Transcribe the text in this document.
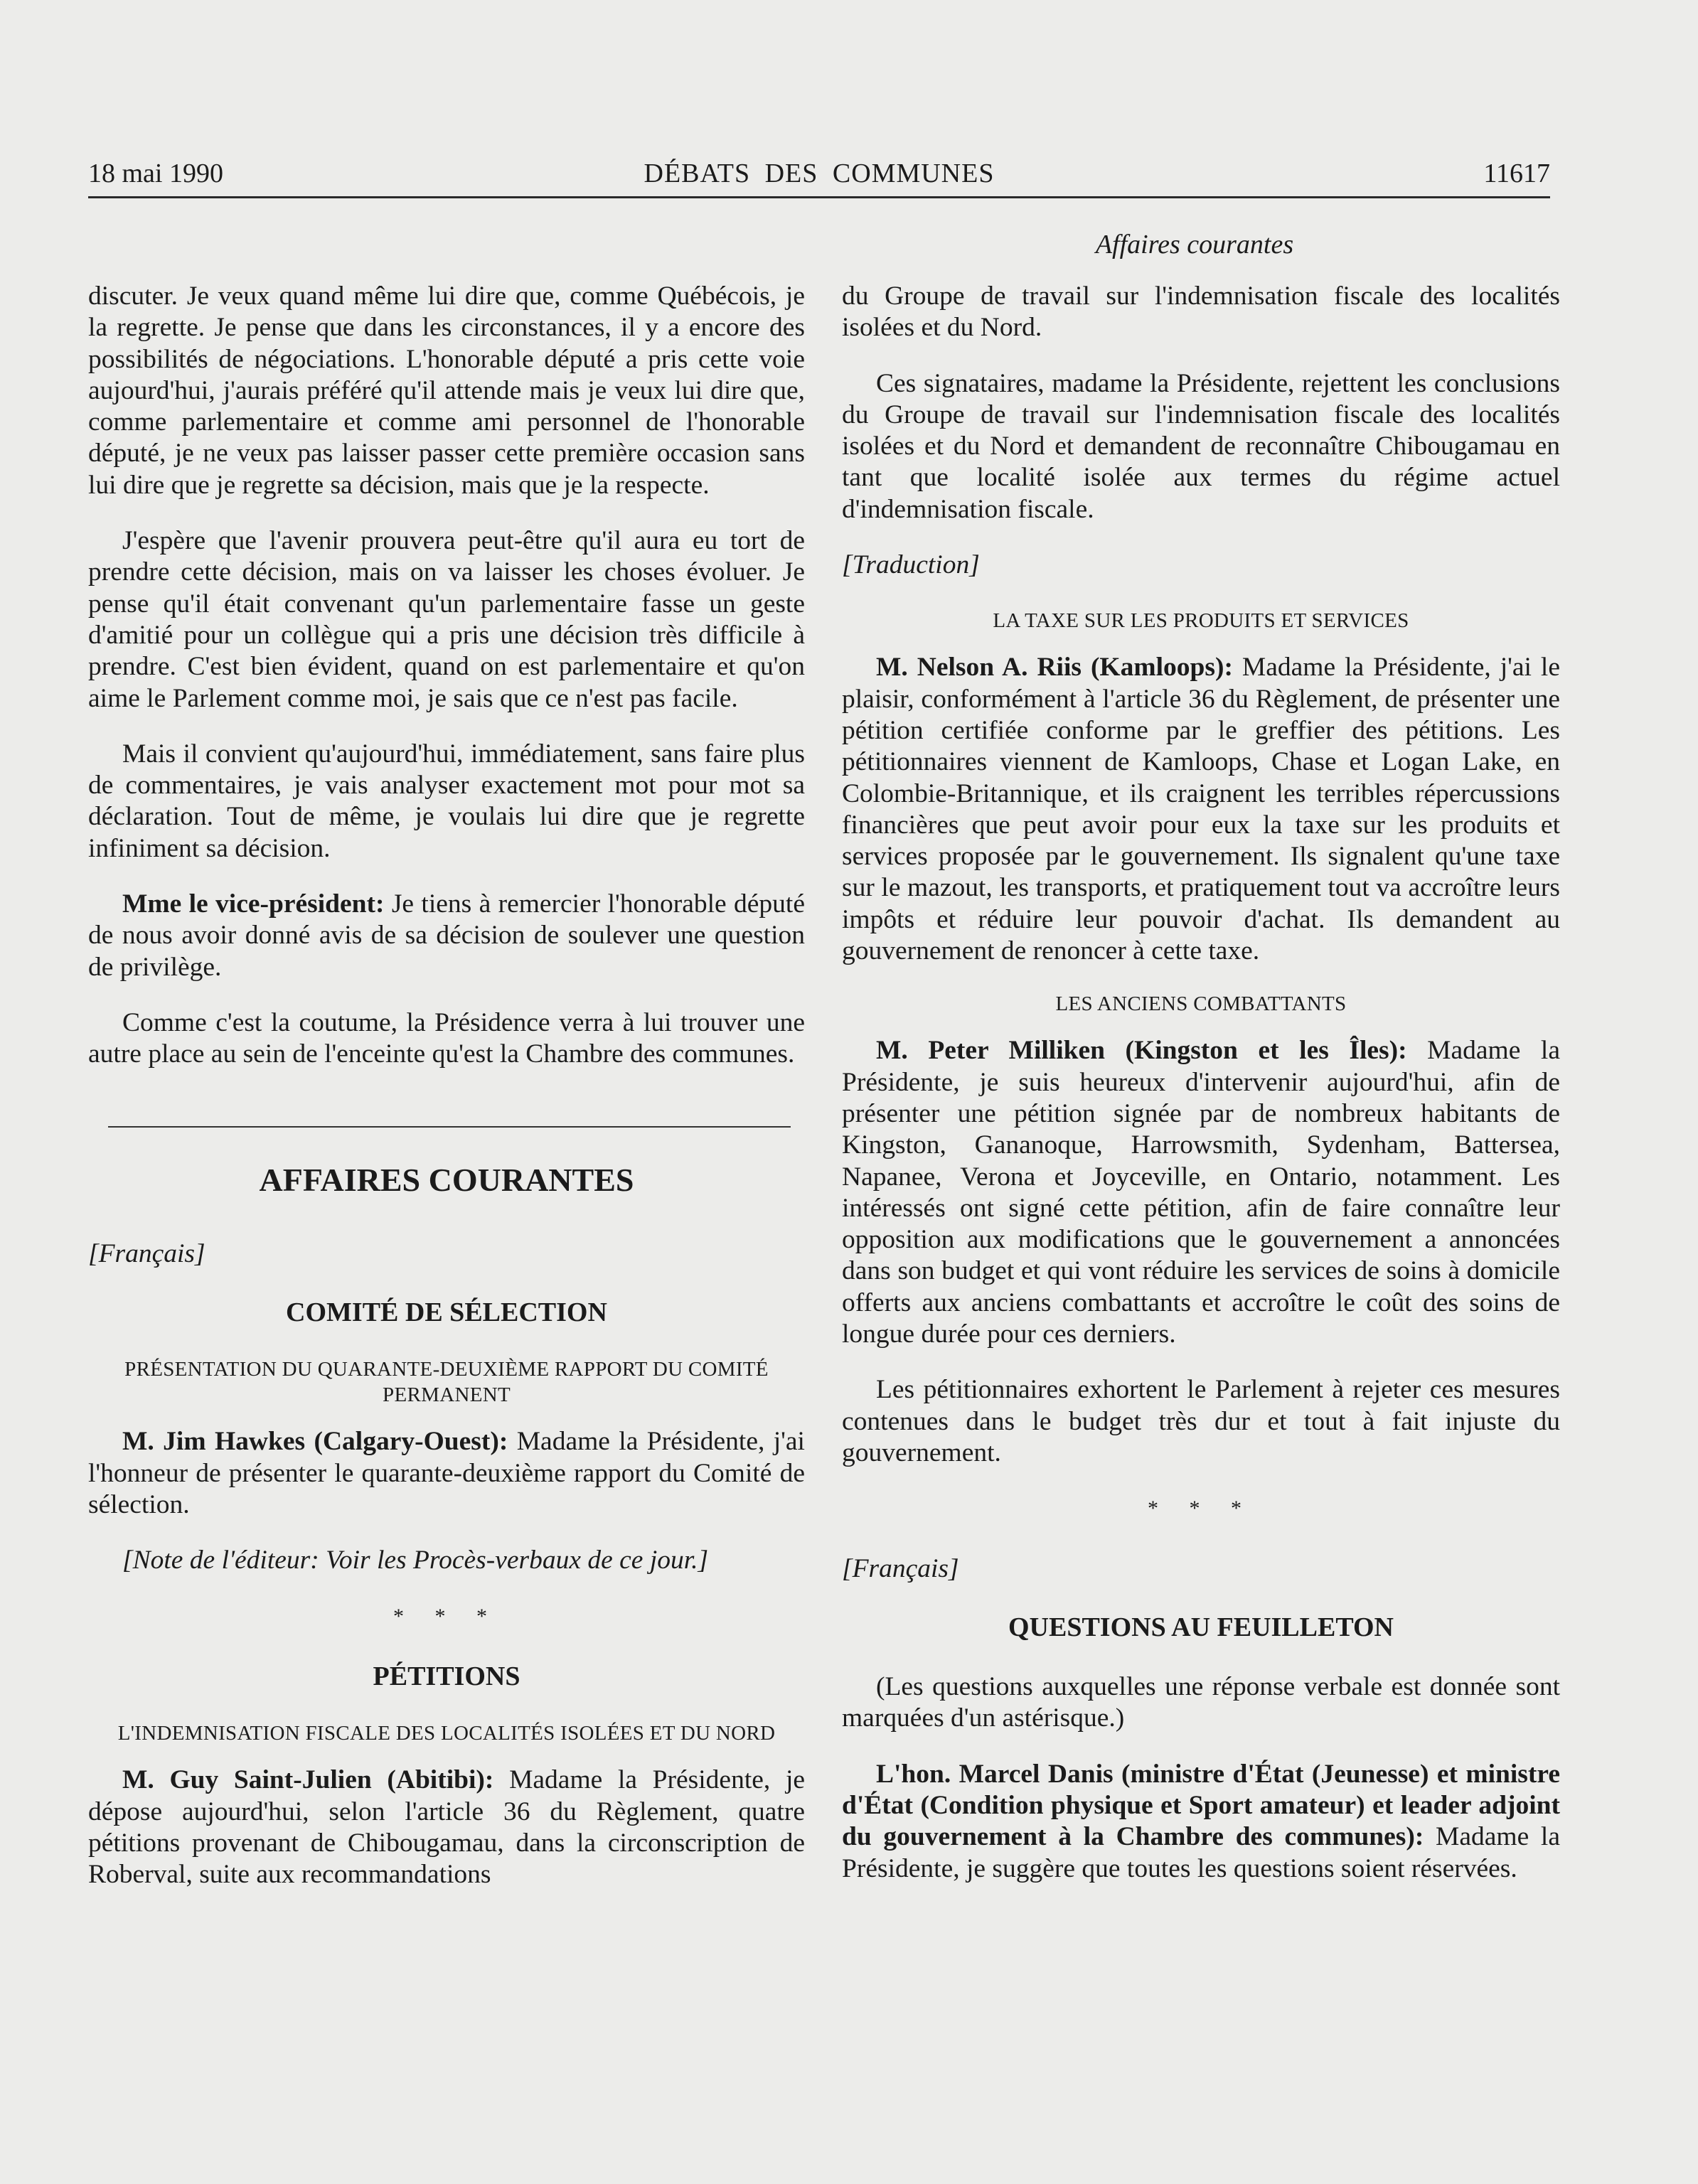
18 mai 1990	DÉBATS DES COMMUNES	11617
Affaires courantes

discuter. Je veux quand même lui dire que, comme Québécois, je la regrette. Je pense que dans les circonstances, il y a encore des possibilités de négociations. L'honorable député a pris cette voie aujourd'hui, j'aurais préféré qu'il attende mais je veux lui dire que, comme parlementaire et comme ami personnel de l'honorable député, je ne veux pas laisser passer cette première occasion sans lui dire que je regrette sa décision, mais que je la respecte.

J'espère que l'avenir prouvera peut-être qu'il aura eu tort de prendre cette décision, mais on va laisser les choses évoluer. Je pense qu'il était convenant qu'un parlementaire fasse un geste d'amitié pour un collègue qui a pris une décision très difficile à prendre. C'est bien évident, quand on est parlementaire et qu'on aime le Parlement comme moi, je sais que ce n'est pas facile.

Mais il convient qu'aujourd'hui, immédiatement, sans faire plus de commentaires, je vais analyser exactement mot pour mot sa déclaration. Tout de même, je voulais lui dire que je regrette infiniment sa décision.

Mme le vice-président: Je tiens à remercier l'honorable député de nous avoir donné avis de sa décision de soulever une question de privilège.

Comme c'est la coutume, la Présidence verra à lui trouver une autre place au sein de l'enceinte qu'est la Chambre des communes.

AFFAIRES COURANTES

[Français]

COMITÉ DE SÉLECTION
PRÉSENTATION DU QUARANTE-DEUXIÈME RAPPORT DU COMITÉ PERMANENT

M. Jim Hawkes (Calgary-Ouest): Madame la Présidente, j'ai l'honneur de présenter le quarante-deuxième rapport du Comité de sélection.

[Note de l'éditeur: Voir les Procès-verbaux de ce jour.]

* * *
PÉTITIONS
L'INDEMNISATION FISCALE DES LOCALITÉS ISOLÉES ET DU NORD

M. Guy Saint-Julien (Abitibi): Madame la Présidente, je dépose aujourd'hui, selon l'article 36 du Règlement, quatre pétitions provenant de Chibougamau, dans la circonscription de Roberval, suite aux recommandations

du Groupe de travail sur l'indemnisation fiscale des localités isolées et du Nord.

Ces signataires, madame la Présidente, rejettent les conclusions du Groupe de travail sur l'indemnisation fiscale des localités isolées et du Nord et demandent de reconnaître Chibougamau en tant que localité isolée aux termes du régime actuel d'indemnisation fiscale.

[Traduction]

LA TAXE SUR LES PRODUITS ET SERVICES

M. Nelson A. Riis (Kamloops): Madame la Présidente, j'ai le plaisir, conformément à l'article 36 du Règlement, de présenter une pétition certifiée conforme par le greffier des pétitions. Les pétitionnaires viennent de Kamloops, Chase et Logan Lake, en Colombie-Britannique, et ils craignent les terribles répercussions financières que peut avoir pour eux la taxe sur les produits et services proposée par le gouvernement. Ils signalent qu'une taxe sur le mazout, les transports, et pratiquement tout va accroître leurs impôts et réduire leur pouvoir d'achat. Ils demandent au gouvernement de renoncer à cette taxe.

LES ANCIENS COMBATTANTS

M. Peter Milliken (Kingston et les Îles): Madame la Présidente, je suis heureux d'intervenir aujourd'hui, afin de présenter une pétition signée par de nombreux habitants de Kingston, Gananoque, Harrowsmith, Sydenham, Battersea, Napanee, Verona et Joyceville, en Ontario, notamment. Les intéressés ont signé cette pétition, afin de faire connaître leur opposition aux modifications que le gouvernement a annoncées dans son budget et qui vont réduire les services de soins à domicile offerts aux anciens combattants et accroître le coût des soins de longue durée pour ces derniers.

Les pétitionnaires exhortent le Parlement à rejeter ces mesures contenues dans le budget très dur et tout à fait injuste du gouvernement.

* * *

[Français]

QUESTIONS AU FEUILLETON

(Les questions auxquelles une réponse verbale est donnée sont marquées d'un astérisque.)

L'hon. Marcel Danis (ministre d'État (Jeunesse) et ministre d'État (Condition physique et Sport amateur) et leader adjoint du gouvernement à la Chambre des communes): Madame la Présidente, je suggère que toutes les questions soient réservées.
